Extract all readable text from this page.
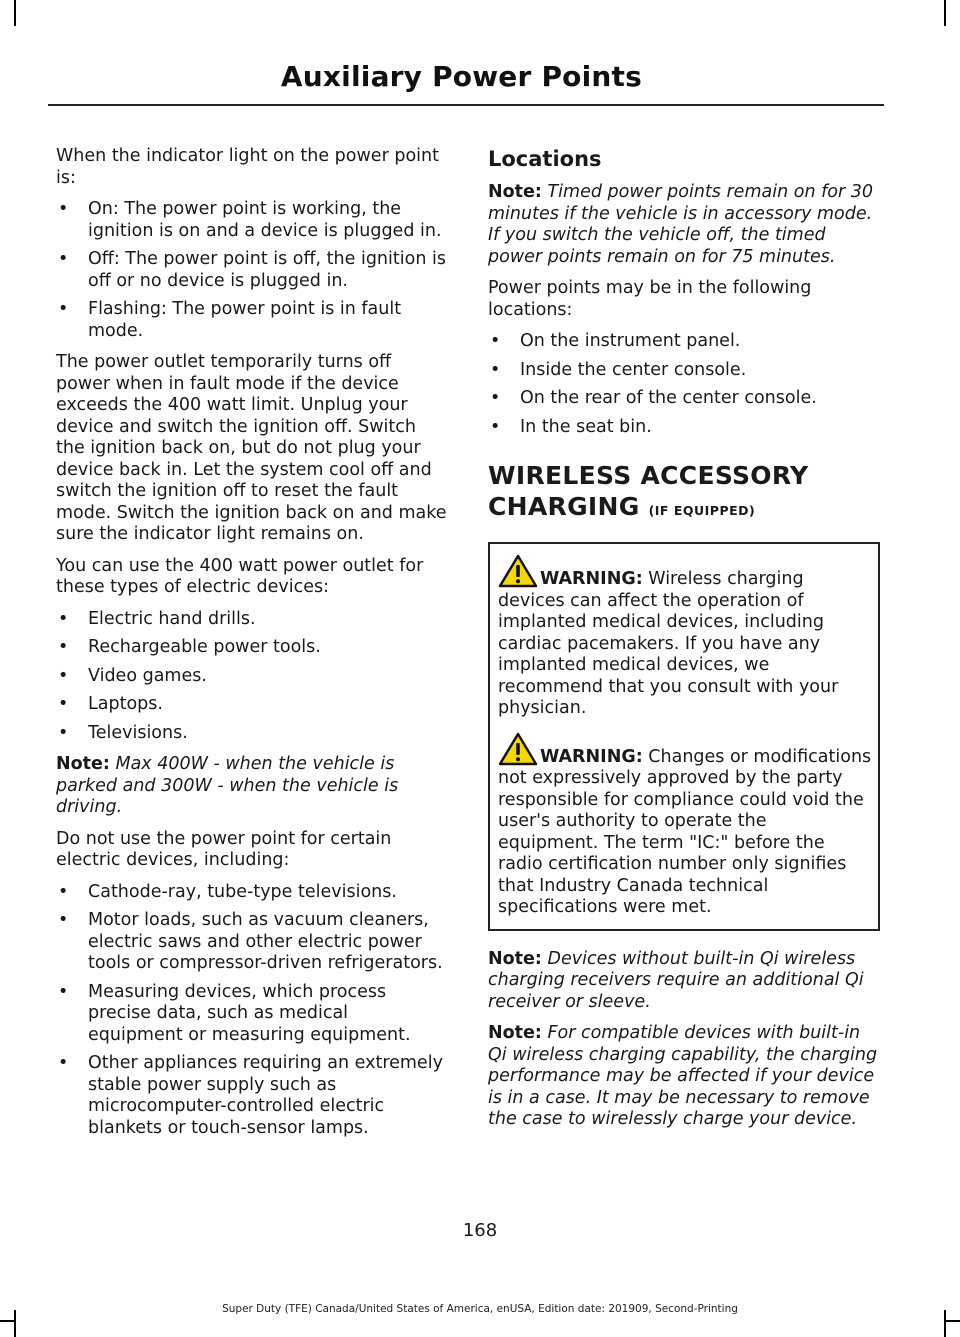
Auxiliary Power Points

When the indicator light on the power point is:

• On: The power point is working, the ignition is on and a device is plugged in.
• Off: The power point is off, the ignition is off or no device is plugged in.
• Flashing: The power point is in fault mode.

The power outlet temporarily turns off power when in fault mode if the device exceeds the 400 watt limit. Unplug your device and switch the ignition off. Switch the ignition back on, but do not plug your device back in. Let the system cool off and switch the ignition off to reset the fault mode. Switch the ignition back on and make sure the indicator light remains on.

You can use the 400 watt power outlet for these types of electric devices:

• Electric hand drills.
• Rechargeable power tools.
• Video games.
• Laptops.
• Televisions.

Note: Max 400W - when the vehicle is parked and 300W - when the vehicle is driving.

Do not use the power point for certain electric devices, including:

• Cathode-ray, tube-type televisions.
• Motor loads, such as vacuum cleaners, electric saws and other electric power tools or compressor-driven refrigerators.
• Measuring devices, which process precise data, such as medical equipment or measuring equipment.
• Other appliances requiring an extremely stable power supply such as microcomputer-controlled electric blankets or touch-sensor lamps.
Locations

Note: Timed power points remain on for 30 minutes if the vehicle is in accessory mode. If you switch the vehicle off, the timed power points remain on for 75 minutes.

Power points may be in the following locations:

• On the instrument panel.
• Inside the center console.
• On the rear of the center console.
• In the seat bin.
WIRELESS ACCESSORY
CHARGING (IF EQUIPPED)
WARNING: Wireless charging devices can affect the operation of implanted medical devices, including cardiac pacemakers. If you have any implanted medical devices, we recommend that you consult with your physician.
WARNING: Changes or modifications not expressively approved by the party responsible for compliance could void the user's authority to operate the equipment. The term "IC:" before the radio certification number only signifies that Industry Canada technical specifications were met.

Note: Devices without built-in Qi wireless charging receivers require an additional Qi receiver or sleeve.

Note: For compatible devices with built-in Qi wireless charging capability, the charging performance may be affected if your device is in a case. It may be necessary to remove the case to wirelessly charge your device.

168
Super Duty (TFE) Canada/United States of America, enUSA, Edition date: 201909, Second-Printing
